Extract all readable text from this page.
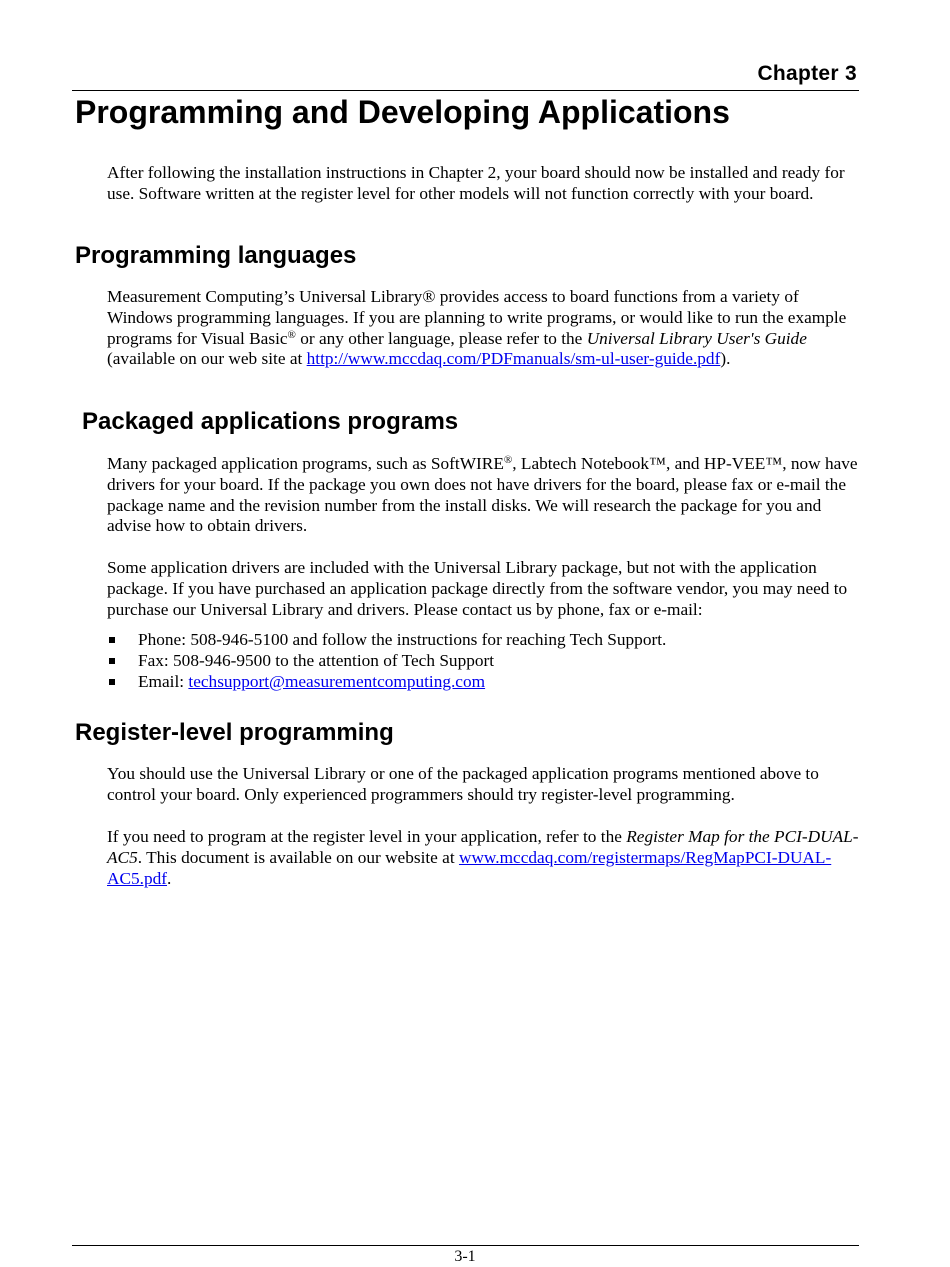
Chapter 3
Programming and Developing Applications

After following the installation instructions in Chapter 2, your board should now be installed and ready for use. Software written at the register level for other models will not function correctly with your board.

Programming languages

Measurement Computing’s Universal Library® provides access to board functions from a variety of Windows programming languages. If you are planning to write programs, or would like to run the example programs for Visual Basic® or any other language, please refer to the Universal Library User's Guide (available on our web site at http://www.mccdaq.com/PDFmanuals/sm-ul-user-guide.pdf).

Packaged applications programs

Many packaged application programs, such as SoftWIRE®, Labtech Notebook™, and HP-VEE™, now have drivers for your board. If the package you own does not have drivers for the board, please fax or e-mail the package name and the revision number from the install disks. We will research the package for you and advise how to obtain drivers.

Some application drivers are included with the Universal Library package, but not with the application package. If you have purchased an application package directly from the software vendor, you may need to purchase our Universal Library and drivers. Please contact us by phone, fax or e-mail:

Phone: 508-946-5100 and follow the instructions for reaching Tech Support.
Fax: 508-946-9500 to the attention of Tech Support
Email: techsupport@measurementcomputing.com
Register-level programming

You should use the Universal Library or one of the packaged application programs mentioned above to control your board. Only experienced programmers should try register-level programming.

If you need to program at the register level in your application, refer to the Register Map for the PCI-DUAL-AC5. This document is available on our website at www.mccdaq.com/registermaps/RegMapPCI-DUAL-AC5.pdf.

3-1
